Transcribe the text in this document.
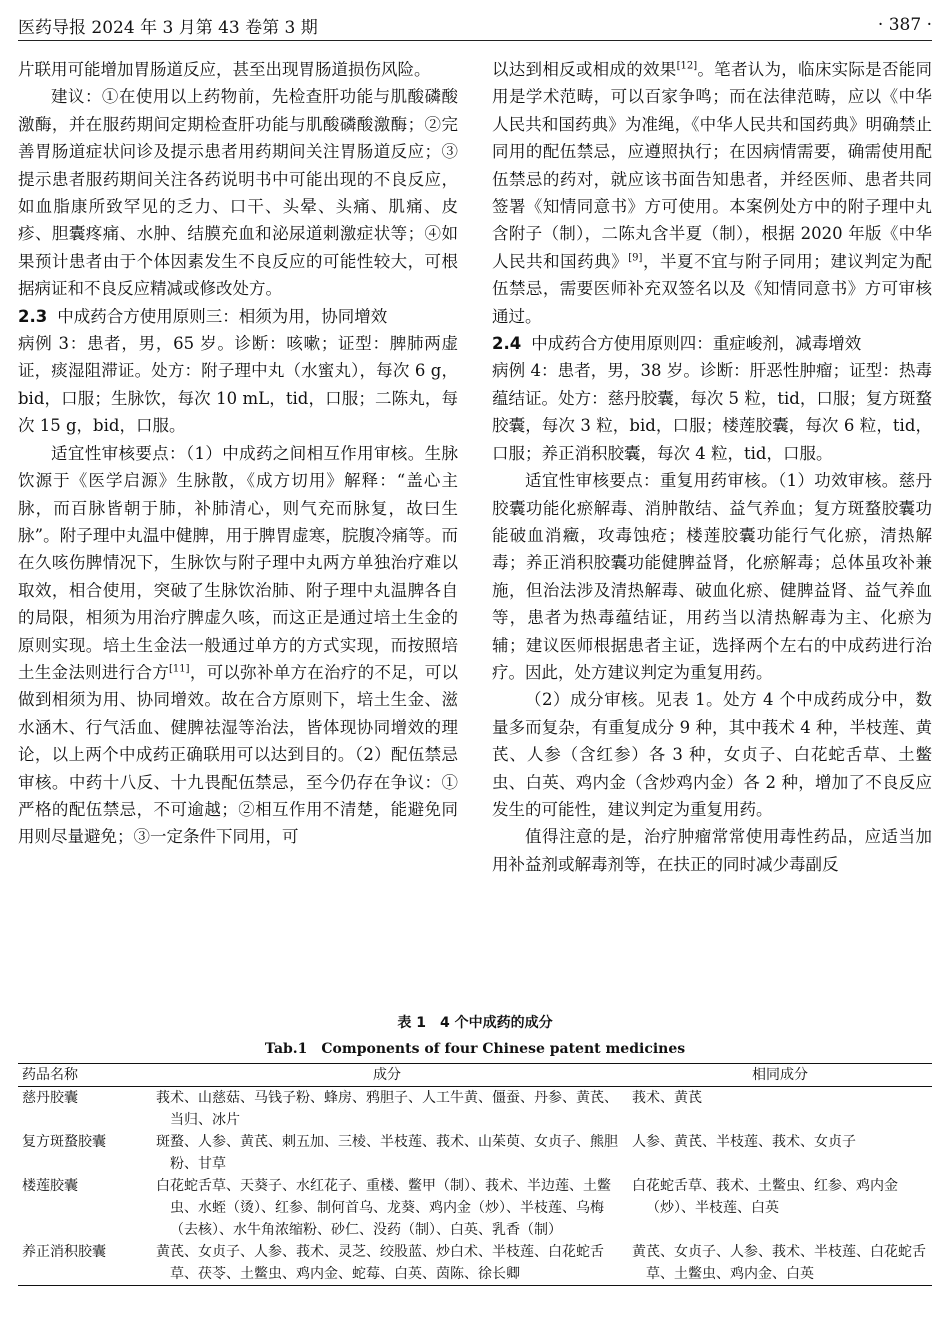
医药导报 2024 年 3 月第 43 卷第 3 期	· 387 ·

片联用可能增加胃肠道反应，甚至出现胃肠道损伤风险。

建议：①在使用以上药物前，先检查肝功能与肌酸磷酸激酶，并在服药期间定期检查肝功能与肌酸磷酸激酶；②完善胃肠道症状问诊及提示患者用药期间关注胃肠道反应；③提示患者服药期间关注各药说明书中可能出现的不良反应，如血脂康所致罕见的乏力、口干、头晕、头痛、肌痛、皮疹、胆囊疼痛、水肿、结膜充血和泌尿道刺激症状等；④如果预计患者由于个体因素发生不良反应的可能性较大，可根据病证和不良反应精减或修改处方。

2.3 中成药合方使用原则三：相须为用，协同增效

病例 3：患者，男，65 岁。诊断：咳嗽；证型：脾肺两虚证，痰湿阻滞证。处方：附子理中丸（水蜜丸），每次 6 g，bid，口服；生脉饮，每次 10 mL，tid，口服；二陈丸，每次 15 g，bid，口服。

适宜性审核要点：（1）中成药之间相互作用审核。生脉饮源于《医学启源》生脉散，《成方切用》解释：“盖心主脉，而百脉皆朝于肺，补肺清心，则气充而脉复，故曰生脉”。附子理中丸温中健脾，用于脾胃虚寒，脘腹冷痛等。而在久咳伤脾情况下，生脉饮与附子理中丸两方单独治疗难以取效，相合使用，突破了生脉饮治肺、附子理中丸温脾各自的局限，相须为用治疗脾虚久咳，而这正是通过培土生金的原则实现。培土生金法一般通过单方的方式实现，而按照培土生金法则进行合方[11]，可以弥补单方在治疗的不足，可以做到相须为用、协同增效。故在合方原则下，培土生金、滋水涵木、行气活血、健脾祛湿等治法，皆体现协同增效的理论，以上两个中成药正确联用可以达到目的。（2）配伍禁忌审核。中药十八反、十九畏配伍禁忌，至今仍存在争议：①严格的配伍禁忌，不可逾越；②相互作用不清楚，能避免同用则尽量避免；③一定条件下同用，可

以达到相反或相成的效果[12]。笔者认为，临床实际是否能同用是学术范畴，可以百家争鸣；而在法律范畴，应以《中华人民共和国药典》为准绳，《中华人民共和国药典》明确禁止同用的配伍禁忌，应遵照执行；在因病情需要，确需使用配伍禁忌的药对，就应该书面告知患者，并经医师、患者共同签署《知情同意书》方可使用。本案例处方中的附子理中丸含附子（制），二陈丸含半夏（制），根据 2020 年版《中华人民共和国药典》[9]，半夏不宜与附子同用；建议判定为配伍禁忌，需要医师补充双签名以及《知情同意书》方可审核通过。

2.4 中成药合方使用原则四：重症峻剂，减毒增效

病例 4：患者，男，38 岁。诊断：肝恶性肿瘤；证型：热毒蕴结证。处方：慈丹胶囊，每次 5 粒，tid，口服；复方斑蝥胶囊，每次 3 粒，bid，口服；楼莲胶囊，每次 6 粒，tid，口服；养正消积胶囊，每次 4 粒，tid，口服。

适宜性审核要点：重复用药审核。（1）功效审核。慈丹胶囊功能化瘀解毒、消肿散结、益气养血；复方斑蝥胶囊功能破血消癥，攻毒蚀疮；楼莲胶囊功能行气化瘀，清热解毒；养正消积胶囊功能健脾益肾，化瘀解毒；总体虽攻补兼施，但治法涉及清热解毒、破血化瘀、健脾益肾、益气养血等，患者为热毒蕴结证，用药当以清热解毒为主、化瘀为辅；建议医师根据患者主证，选择两个左右的中成药进行治疗。因此，处方建议判定为重复用药。

（2）成分审核。见表 1。处方 4 个中成药成分中，数量多而复杂，有重复成分 9 种，其中莪术 4 种，半枝莲、黄芪、人参（含红参）各 3 种，女贞子、白花蛇舌草、土鳖虫、白英、鸡内金（含炒鸡内金）各 2 种，增加了不良反应发生的可能性，建议判定为重复用药。

值得注意的是，治疗肿瘤常常使用毒性药品，应适当加用补益剂或解毒剂等，在扶正的同时减少毒副反

表 1　4 个中成药的成分
Tab.1　Components of four Chinese patent medicines
药品名称	成分	相同成分
慈丹胶囊	莪术、山慈菇、马钱子粉、蜂房、鸦胆子、人工牛黄、僵蚕、丹参、黄芪、当归、冰片	莪术、黄芪

复方斑蝥胶囊	斑蝥、人参、黄芪、刺五加、三棱、半枝莲、莪术、山茱萸、女贞子、熊胆粉、甘草	人参、黄芪、半枝莲、莪术、女贞子

楼莲胶囊	白花蛇舌草、天葵子、水红花子、重楼、鳖甲（制）、莪术、半边莲、土鳖虫、水蛭（烫）、红参、制何首乌、龙葵、鸡内金（炒）、半枝莲、乌梅（去核）、水牛角浓缩粉、砂仁、没药（制）、白英、乳香（制）	白花蛇舌草、莪术、土鳖虫、红参、鸡内金（炒）、半枝莲、白英

养正消积胶囊	黄芪、女贞子、人参、莪术、灵芝、绞股蓝、炒白术、半枝莲、白花蛇舌草、茯苓、土鳖虫、鸡内金、蛇莓、白英、茵陈、徐长卿	黄芪、女贞子、人参、莪术、半枝莲、白花蛇舌草、土鳖虫、鸡内金、白英
